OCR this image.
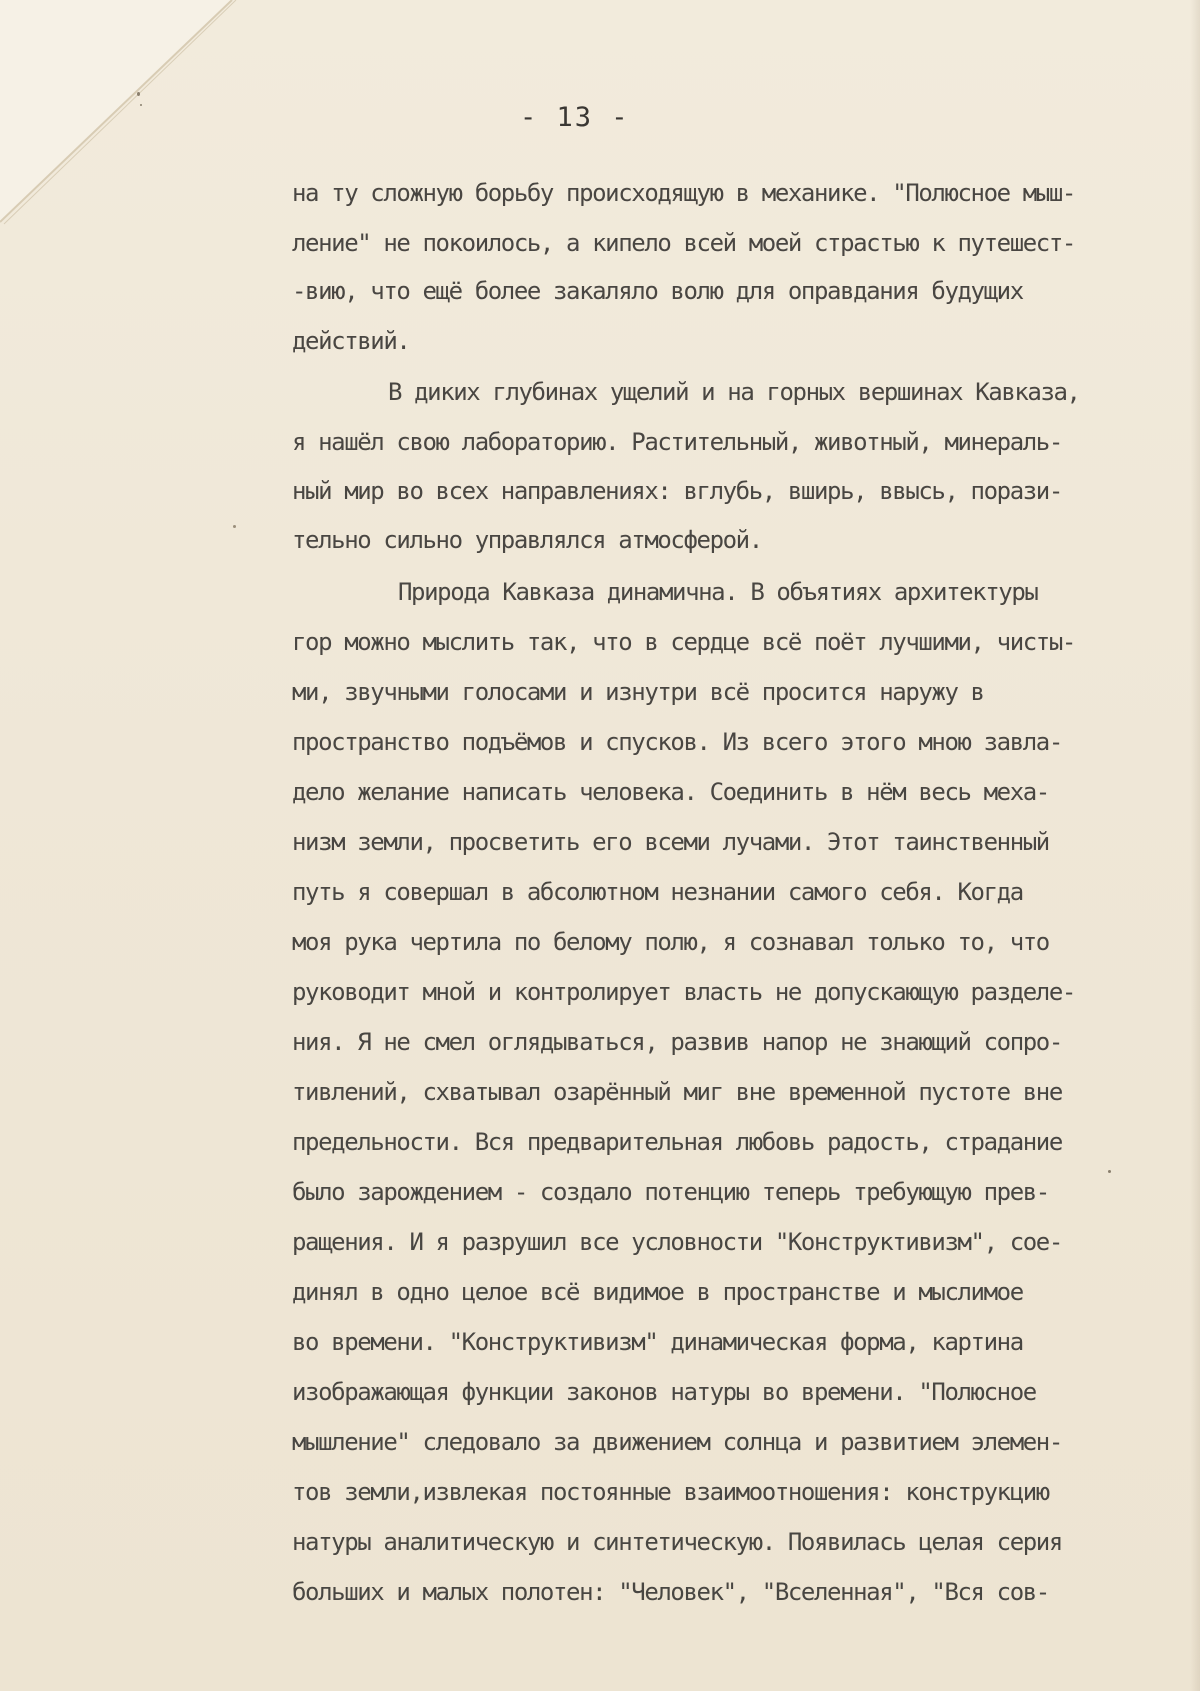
- 13 -
на ту сложную борьбу происходящую в механике. "Полюсное мыш-
ление" не покоилось, а кипело всей моей страстью к путешест-
-вию, что ещё более закаляло волю для оправдания будущих
действий.
В диких глубинах ущелий и на горных вершинах Кавказа,
я нашёл свою лабораторию. Растительный, животный, минераль-
ный мир во всех направлениях: вглубь, вширь, ввысь, порази-
тельно сильно управлялся атмосферой.
Природа Кавказа динамична. В объятиях архитектуры
гор можно мыслить так, что в сердце всё поёт лучшими, чисты-
ми, звучными голосами и изнутри всё просится наружу в
пространство подъёмов и спусков. Из всего этого мною завла-
дело желание написать человека. Соединить в нём весь меха-
низм земли, просветить его всеми лучами. Этот таинственный
путь я совершал в абсолютном незнании самого себя. Когда
моя рука чертила по белому полю, я сознавал только то, что
руководит мной и контролирует власть не допускающую разделе-
ния. Я не смел оглядываться, развив напор не знающий сопро-
тивлений, схватывал озарённый миг вне временной пустоте вне
предельности. Вся предварительная любовь радость, страдание
было зарождением - создало потенцию теперь требующую прев-
ращения. И я разрушил все условности "Конструктивизм", сое-
динял в одно целое всё видимое в пространстве и мыслимое
во времени. "Конструктивизм" динамическая форма, картина
изображающая функции законов натуры во времени. "Полюсное
мышление" следовало за движением солнца и развитием элемен-
тов земли,извлекая постоянные взаимоотношения: конструкцию
натуры аналитическую и синтетическую. Появилась целая серия
больших и малых полотен: "Человек", "Вселенная", "Вся сов-
